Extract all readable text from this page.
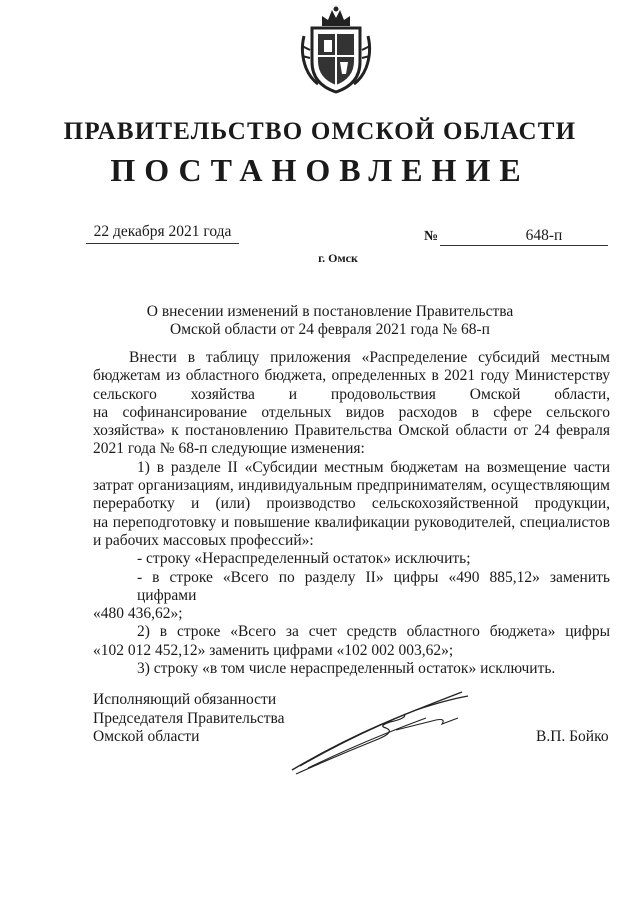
ПРАВИТЕЛЬСТВО ОМСКОЙ ОБЛАСТИ
ПОСТАНОВЛЕНИЕ
22 декабря 2021 года	№	648-п
г. Омск
О внесении изменений в постановление Правительства
Омской области от 24 февраля 2021 года № 68-п
Внести в таблицу приложения «Распределение субсидий местным
бюджетам из областного бюджета, определенных в 2021 году Министерству
сельского хозяйства и продовольствия Омской области,
на софинансирование отдельных видов расходов в сфере сельского
хозяйства» к постановлению Правительства Омской области от 24 февраля
2021 года № 68-п следующие изменения:
1) в разделе II «Субсидии местным бюджетам на возмещение части
затрат организациям, индивидуальным предпринимателям, осуществляющим
переработку и (или) производство сельскохозяйственной продукции,
на переподготовку и повышение квалификации руководителей, специалистов
и рабочих массовых профессий»:
- строку «Нераспределенный остаток» исключить;
- в строке «Всего по разделу II» цифры «490 885,12» заменить цифрами
«480 436,62»;
2) в строке «Всего за счет средств областного бюджета» цифры
«102 012 452,12» заменить цифрами «102 002 003,62»;
3) строку «в том числе нераспределенный остаток» исключить.
Исполняющий обязанности
Председателя Правительства
Омской области	В.П. Бойко
